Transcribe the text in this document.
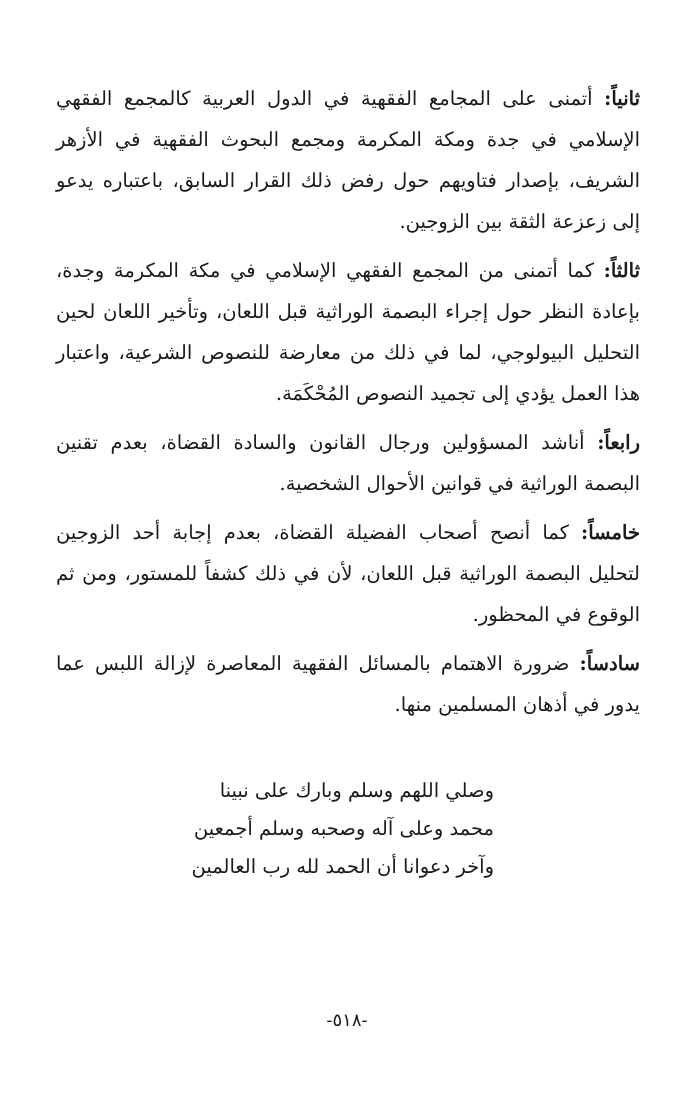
ثانياً: أتمنى على المجامع الفقهية في الدول العربية كالمجمع الفقهي الإسلامي في جدة ومكة المكرمة ومجمع البحوث الفقهية في الأزهر الشريف، بإصدار فتاويهم حول رفض ذلك القرار السابق، باعتباره يدعو إلى زعزعة الثقة بين الزوجين.

ثالثاً: كما أتمنى من المجمع الفقهي الإسلامي في مكة المكرمة وجدة، بإعادة النظر حول إجراء البصمة الوراثية قبل اللعان، وتأخير اللعان لحين التحليل البيولوجي، لما في ذلك من معارضة للنصوص الشرعية، واعتبار هذا العمل يؤدي إلى تجميد النصوص المُحْكَمَة.

رابعاً: أناشد المسؤولين ورجال القانون والسادة القضاة، بعدم تقنين البصمة الوراثية في قوانين الأحوال الشخصية.

خامساً: كما أنصح أصحاب الفضيلة القضاة، بعدم إجابة أحد الزوجين لتحليل البصمة الوراثية قبل اللعان، لأن في ذلك كشفاً للمستور، ومن ثم الوقوع في المحظور.

سادساً: ضرورة الاهتمام بالمسائل الفقهية المعاصرة لإزالة اللبس عما يدور في أذهان المسلمين منها.

وصلي اللهم وسلم وبارك على نبينا
محمد وعلى آله وصحبه وسلم أجمعين
وآخر دعوانا أن الحمد لله رب العالمين
-٥١٨-
